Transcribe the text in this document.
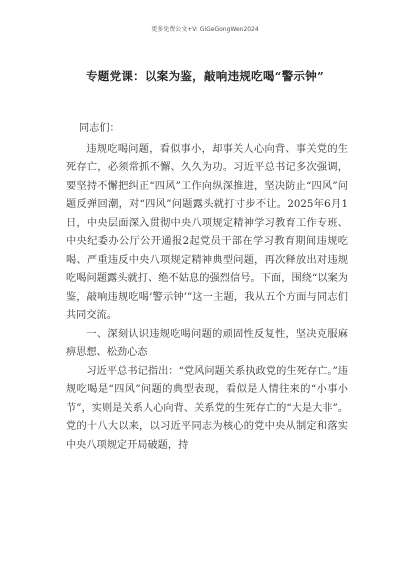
更多免费公文+V: GiGeGongWen2024
专题党课：以案为鉴，敲响违规吃喝“警示钟”

同志们：

违规吃喝问题，看似事小，却事关人心向背、事关党的生死存亡，必须常抓不懈、久久为功。习近平总书记多次强调，要坚持不懈把纠正“四风”工作向纵深推进，坚决防止“四风”问题反弹回潮，对“四风”问题露头就打寸步不让。2025年6月1日，中央层面深入贯彻中央八项规定精神学习教育工作专班、中央纪委办公厅公开通报2起党员干部在学习教育期间违规吃喝、严重违反中央八项规定精神典型问题，再次释放出对违规吃喝问题露头就打、绝不姑息的强烈信号。下面，围绕“以案为鉴，敲响违规吃喝‘警示钟’”这一主题，我从五个方面与同志们共同交流。

一、深刻认识违规吃喝问题的顽固性反复性，坚决克服麻痹思想、松劲心态

习近平总书记指出：“党风问题关系执政党的生死存亡。”违规吃喝是“四风”问题的典型表现，看似是人情往来的“小事小节”，实则是关系人心向背、关系党的生死存亡的“大是大非”。党的十八大以来，以习近平同志为核心的党中央从制定和落实中央八项规定开局破题，持
